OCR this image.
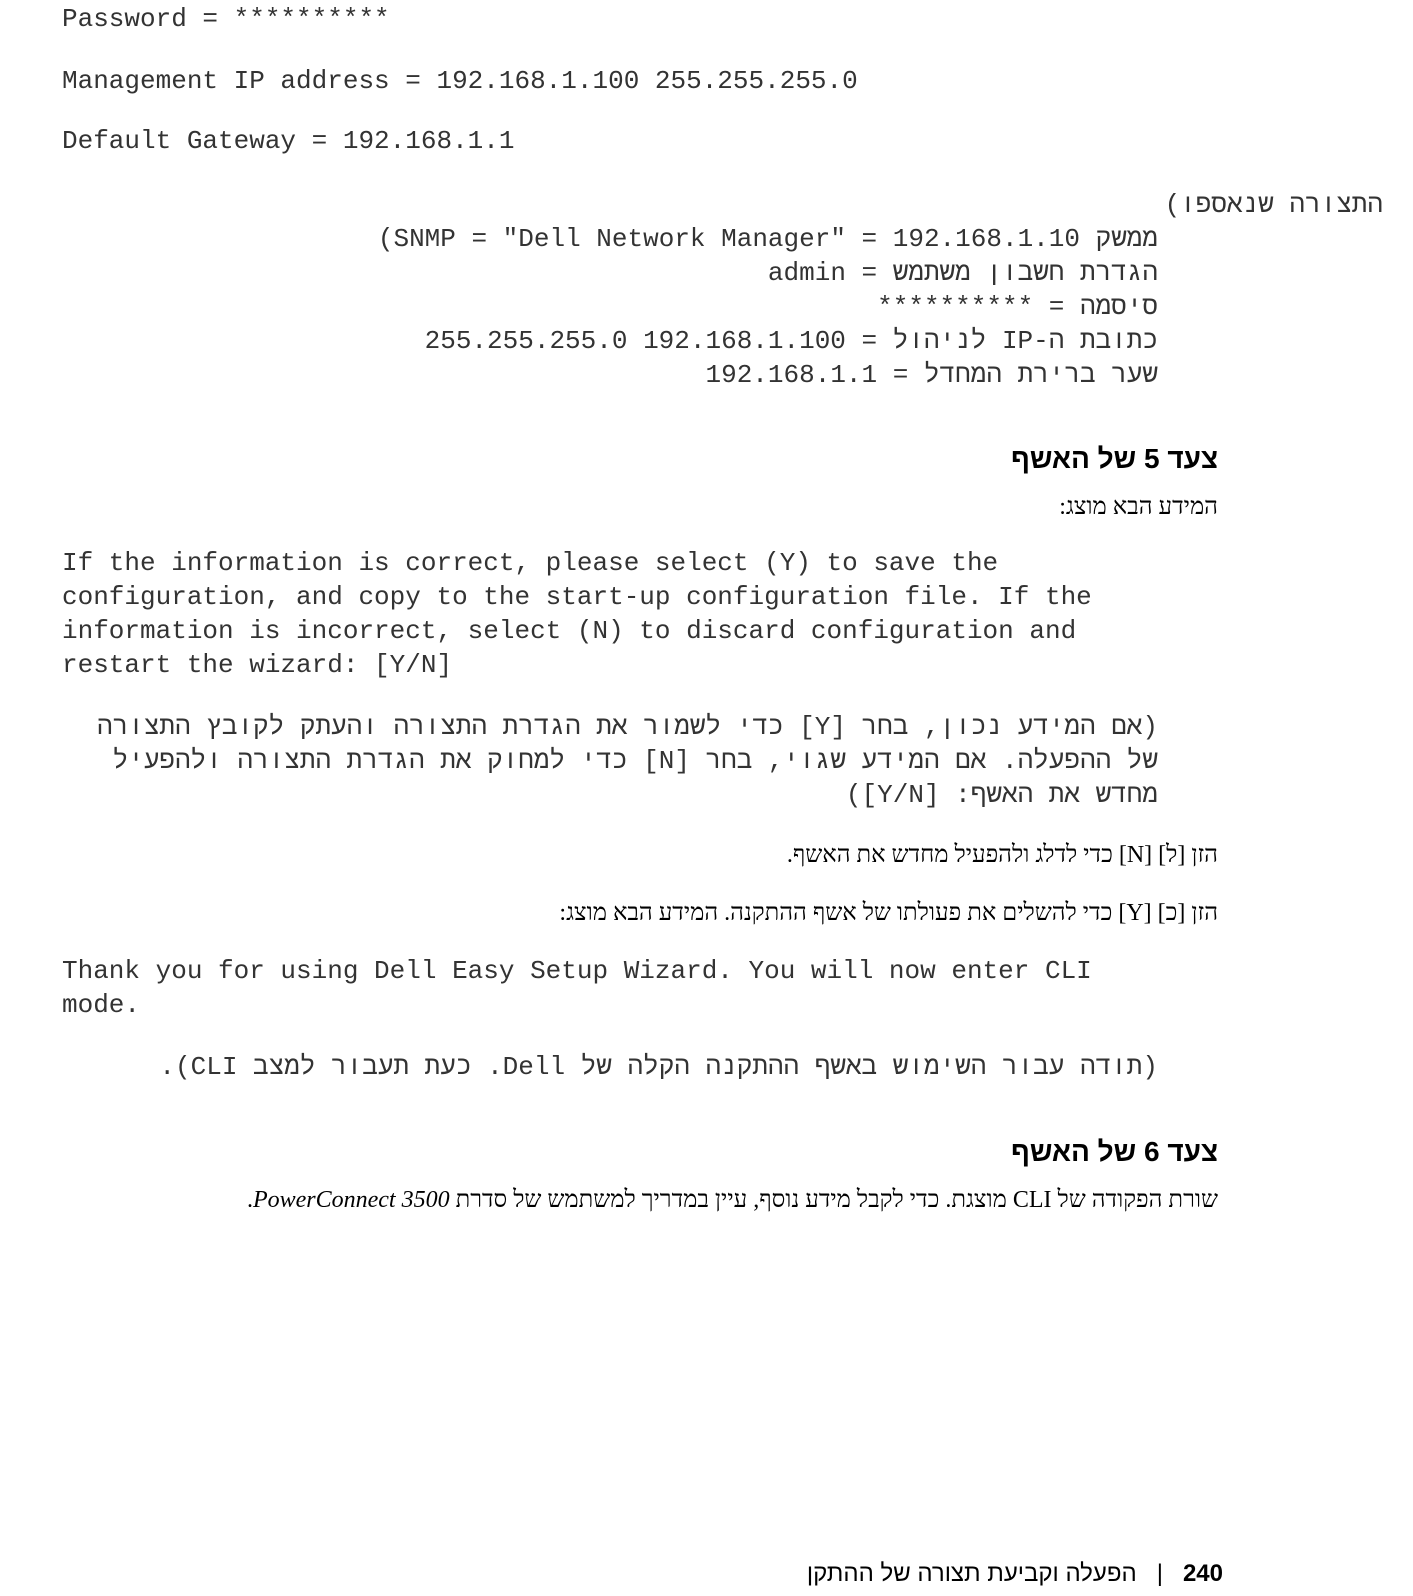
Password = **********
Management IP address = 192.168.1.100 255.255.255.0
Default Gateway = 192.168.1.1
התצורה שנאספו)
ממשק SNMP = "Dell Network Manager" = 192.168.1.10)
הגדרת חשבון משתמש = admin
סיסמה = **********
כתובת ה-IP לניהול = 192.168.1.100 255.255.255.0
שער ברירת המחדל = 192.168.1.1
צעד 5 של האשף
המידע הבא מוצג:
If the information is correct, please select (Y) to save the
configuration, and copy to the start-up configuration file. If the
information is incorrect, select (N) to discard configuration and
restart the wizard: [Y/N]
(אם המידע נכון, בחר [Y] כדי לשמור את הגדרת התצורה והעתק לקובץ התצורה
של ההפעלה. אם המידע שגוי, בחר [N] כדי למחוק את הגדרת התצורה ולהפעיל
מחדש את האשף: [Y/N])
הזן [ל] [N] כדי לדלג ולהפעיל מחדש את האשף.
הזן [כ] [Y] כדי להשלים את פעולתו של אשף ההתקנה. המידע הבא מוצג:
Thank you for using Dell Easy Setup Wizard. You will now enter CLI
mode.
(תודה עבור השימוש באשף ההתקנה הקלה של Dell. כעת תעבור למצב CLI).
צעד 6 של האשף
שורת הפקודה של CLI מוצגת. כדי לקבל מידע נוסף, עיין במדריך למשתמש של סדרת PowerConnect 3500.
240|הפעלה וקביעת תצורה של ההתקן
